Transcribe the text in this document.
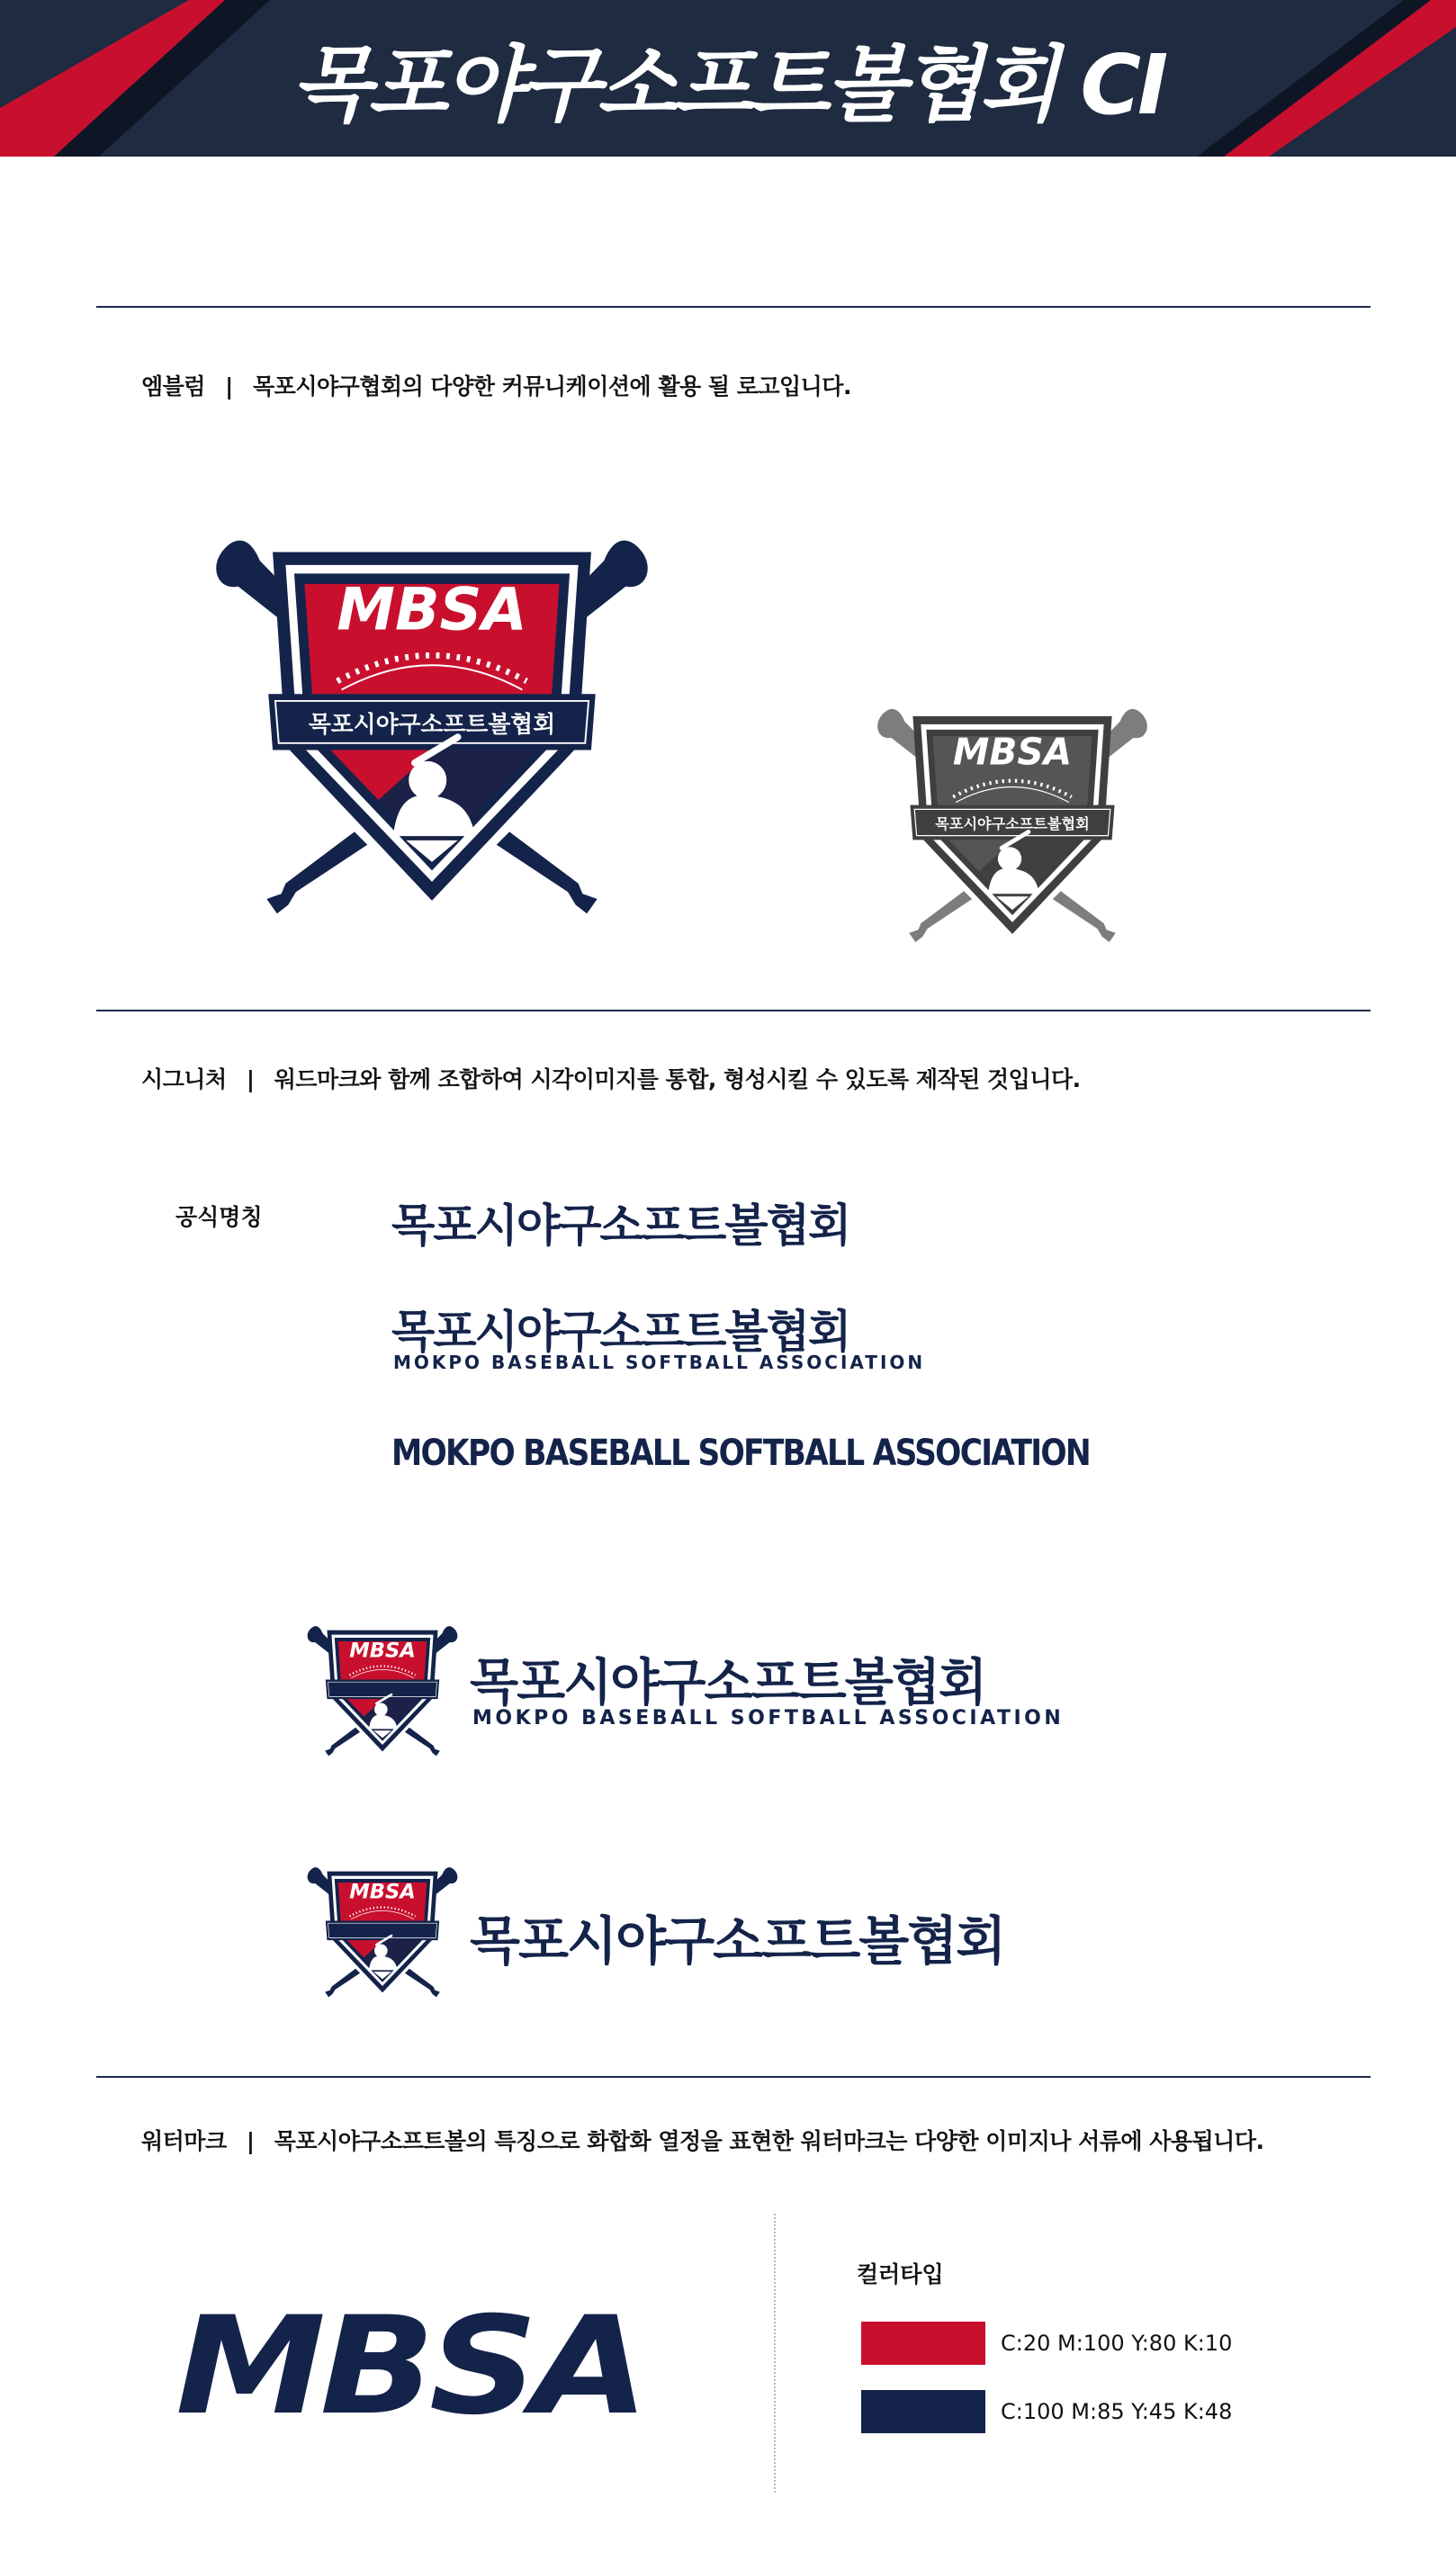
목포야구소프트볼협회 CI
엠블럼 | 목포시야구협회의 다양한 커뮤니케이션에 활용 될 로고입니다.
MBSA
목포시야구소프트볼협회
MBSA
목포시야구소프트볼협회
시그니처 | 워드마크와 함께 조합하여 시각이미지를 통합, 형성시킬 수 있도록 제작된 것입니다.
공식명칭	목포시야구소프트볼협회
목포시야구소프트볼협회
MOKPO BASEBALL SOFTBALL ASSOCIATION
MOKPO BASEBALL SOFTBALL ASSOCIATION
MBSA
목포시야구소프트볼협회
MOKPO BASEBALL SOFTBALL ASSOCIATION
MBSA
목포시야구소프트볼협회
워터마크 | 목포시야구소프트볼의 특징으로 화합화 열정을 표현한 워터마크는 다양한 이미지나 서류에 사용됩니다.
MBSA
컬러타입
C:20 M:100 Y:80 K:10
C:100 M:85 Y:45 K:48
